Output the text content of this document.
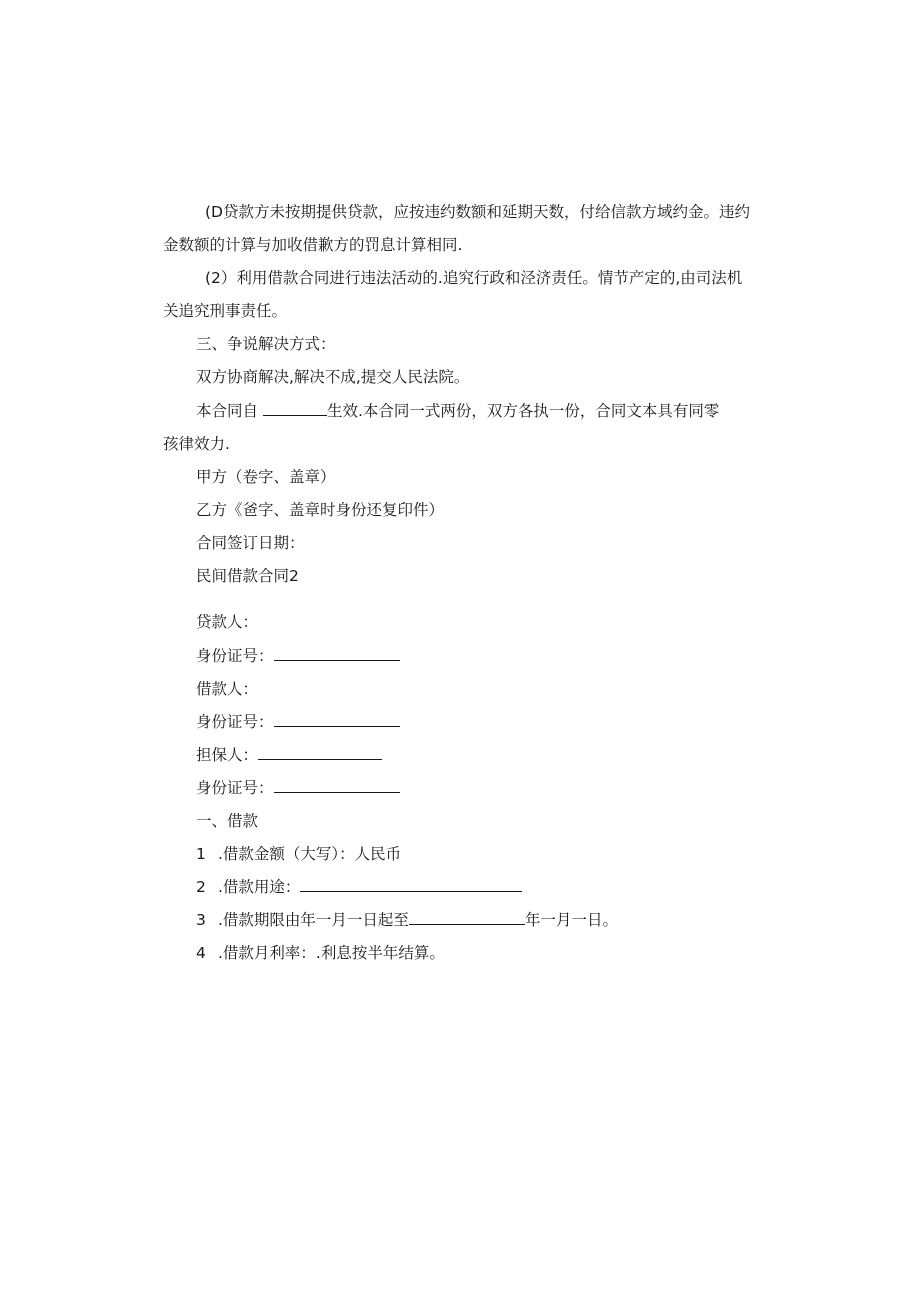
(D贷款方未按期提供贷款，应按违约数额和延期天数，付给信款方域约金。违约
金数额的计算与加收借歉方的罚息计算相同.
(2）利用借款合同进行违法活动的.追究行政和泾济责任。情节产定的,由司法机
关追究刑事责任。
三、争说解决方式：
双方协商解决,解决不成,提交人民法院。
本合同自	生效.本合同一式两份，双方各执一份，合同文本具有同零
孩律效力.
甲方（卷字、盖章）
乙方《爸字、盖章时身份还复印件）
合同签订日期：
民间借款合同2
贷款人：
身份证号：
借款人：
身份证号：
担保人：
身份证号：
一、借款
1 .借款金额（大写）：人民币
2 .借款用途：
3 .借款期限由年一月一日起至	年一月一日。
4 .借款月利率：.利息按半年结算。
